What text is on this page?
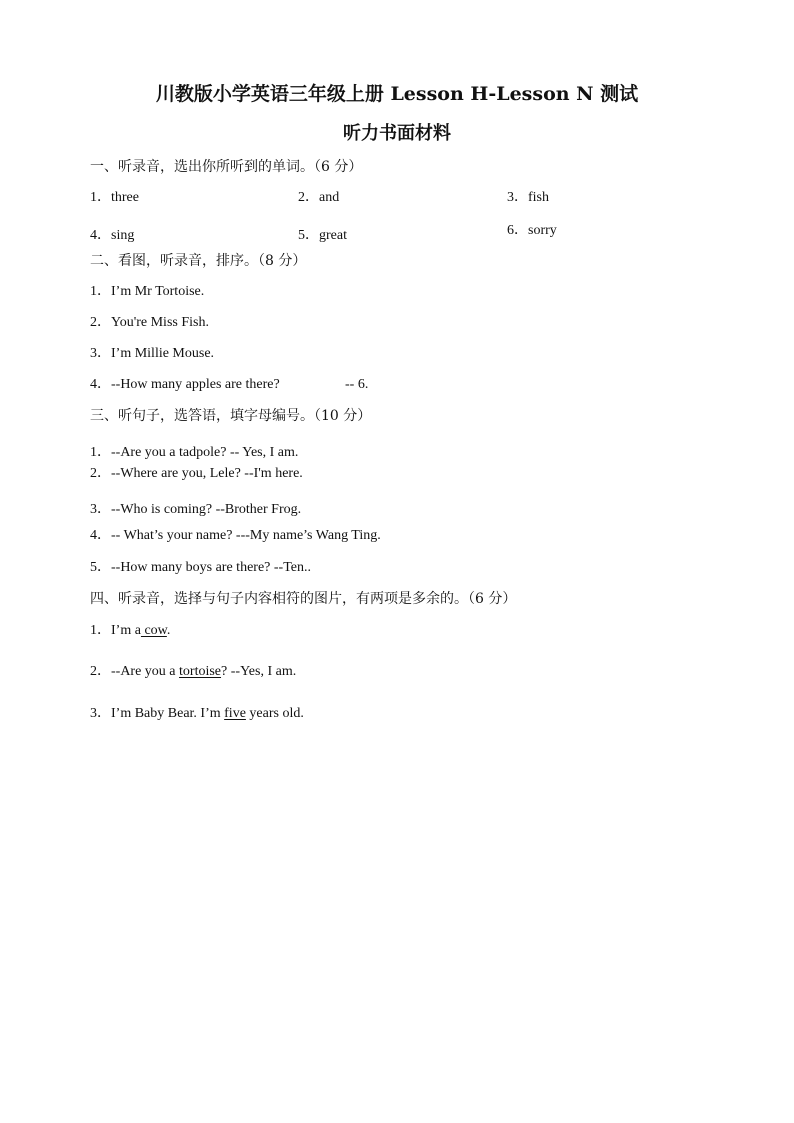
川教版小学英语三年级上册 Lesson H-Lesson N 测试
听力书面材料
一、听录音，选出你所听到的单词。（6 分）
1．three	2．and	3．fish
4．sing	5．great	6．sorry
二、看图，听录音，排序。（8 分）
1．I’m Mr Tortoise.
2．You're Miss Fish.
3．I’m Millie Mouse.
4．--How many apples are there?	-- 6.
三、听句子，选答语，填字母编号。（10 分）
1．--Are you a tadpole? -- Yes, I am.
2．--Where are you, Lele? --I'm here.
3．--Who is coming? --Brother Frog.
4．-- What’s your name? ---My name’s Wang Ting.
5．--How many boys are there? --Ten..
四、听录音，选择与句子内容相符的图片，有两项是多余的。（6 分）
1．I’m a cow.
2．--Are you a tortoise? --Yes, I am.
3．I’m Baby Bear. I’m five years old.
